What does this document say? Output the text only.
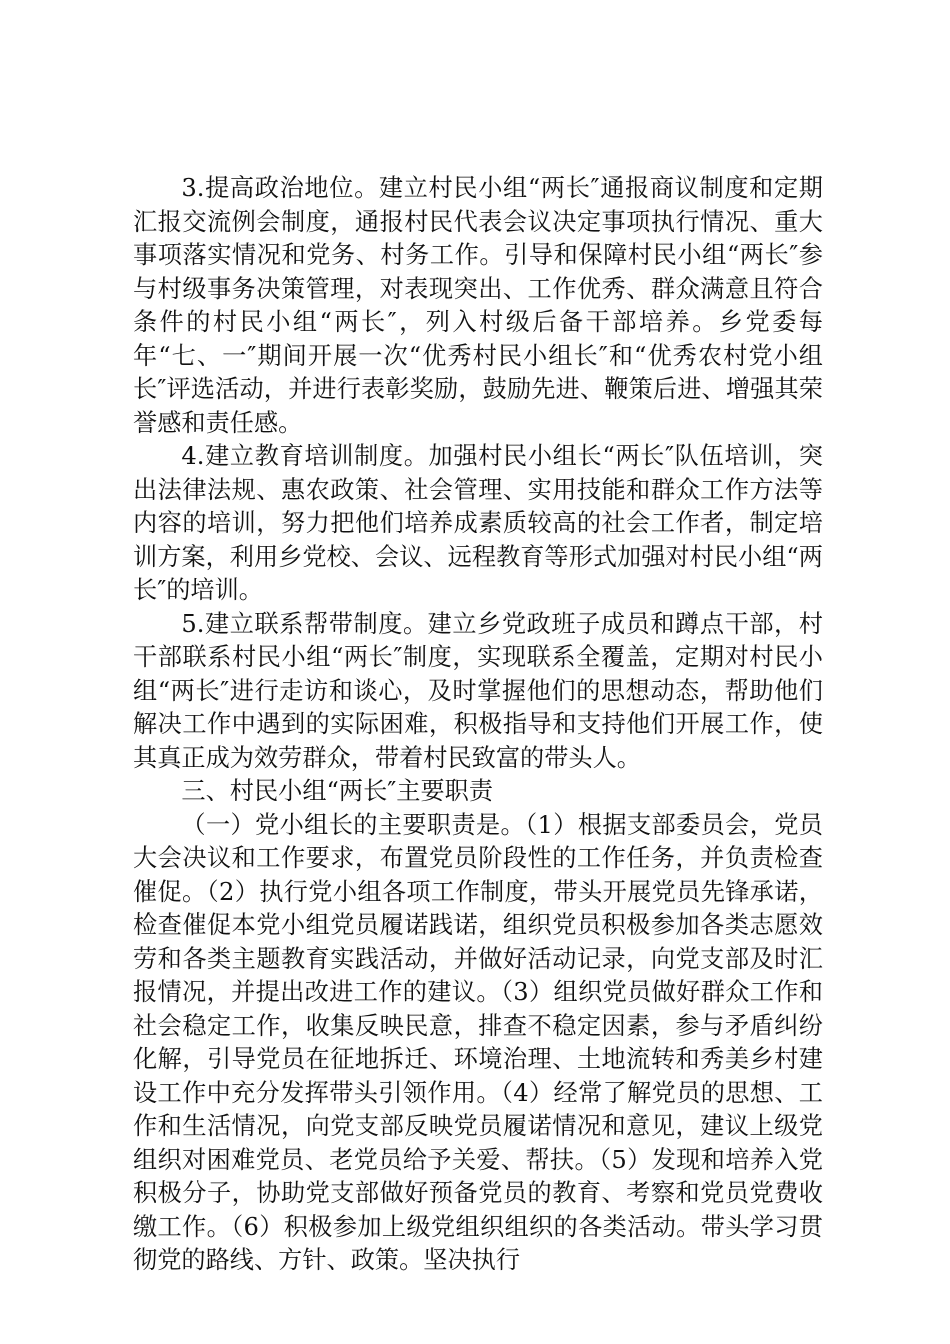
3.提高政治地位。建立村民小组“两长″通报商议制度和定期汇报交流例会制度，通报村民代表会议决定事项执行情况、重大事项落实情况和党务、村务工作。引导和保障村民小组“两长″参与村级事务决策管理，对表现突出、工作优秀、群众满意且符合条件的村民小组“两长″，列入村级后备干部培养。乡党委每年“七、一″期间开展一次“优秀村民小组长″和“优秀农村党小组长″评选活动，并进行表彰奖励，鼓励先进、鞭策后进、增强其荣誉感和责任感。

4.建立教育培训制度。加强村民小组长“两长″队伍培训，突出法律法规、惠农政策、社会管理、实用技能和群众工作方法等内容的培训，努力把他们培养成素质较高的社会工作者，制定培训方案，利用乡党校、会议、远程教育等形式加强对村民小组“两长″的培训。

5.建立联系帮带制度。建立乡党政班子成员和蹲点干部，村干部联系村民小组“两长″制度，实现联系全覆盖，定期对村民小组“两长″进行走访和谈心，及时掌握他们的思想动态，帮助他们解决工作中遇到的实际困难，积极指导和支持他们开展工作，使其真正成为效劳群众，带着村民致富的带头人。

三、村民小组“两长″主要职责

（一）党小组长的主要职责是。（1）根据支部委员会，党员大会决议和工作要求，布置党员阶段性的工作任务，并负责检查催促。（2）执行党小组各项工作制度，带头开展党员先锋承诺，检查催促本党小组党员履诺践诺，组织党员积极参加各类志愿效劳和各类主题教育实践活动，并做好活动记录，向党支部及时汇报情况，并提出改进工作的建议。（3）组织党员做好群众工作和社会稳定工作，收集反映民意，排查不稳定因素，参与矛盾纠纷化解，引导党员在征地拆迁、环境治理、土地流转和秀美乡村建设工作中充分发挥带头引领作用。（4）经常了解党员的思想、工作和生活情况，向党支部反映党员履诺情况和意见，建议上级党组织对困难党员、老党员给予关爱、帮扶。（5）发现和培养入党积极分子，协助党支部做好预备党员的教育、考察和党员党费收缴工作。（6）积极参加上级党组织组织的各类活动。带头学习贯彻党的路线、方针、政策。坚决执行
